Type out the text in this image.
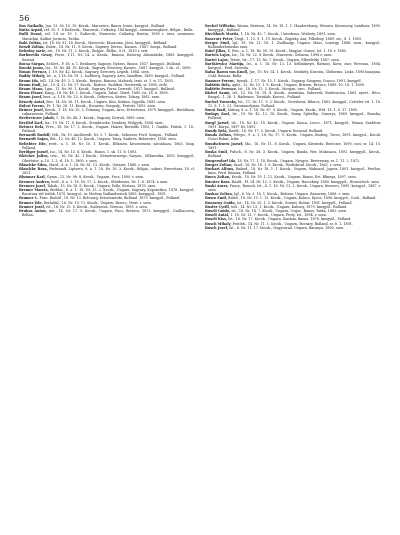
56

Bos Nathalie, Jan. 13. 56. 10. 19. Kecsk., Marostice, Banos, brute, knegyol., Bulland.

Butta Árpád, ref. 10. 1. 8 EuKecsk., Marosvác, Csíkváry, 184 kneggl., szemmenegkövé, Bélgia., Bulla.

Bulli Dezső, ref. 1.8 nr. 19. 1. EuKecsk., Marosvác, Csíkváry, Rentár, 1890 r. ösez, szemenos, Maráckin, Kalkor Jovincio, Tuitka.

Baló Zoltán, Ist. 18. Nr. 91. 18. Kecsk., Marosvác, Kisaroma, Józsi, kneggyól., Belland.

Beszli Zoltán, Dalitz., 18. Nr. 11. 9. Kecsk., Sagrary, Deresc, Kasnes., 1887. hnopi., Bulland.

Behrday sarte, ret., 18. Nr. 11. 2. Kecsk., Bulgar., Belka., 8 rl., 1810 r. sert.

Borbovelia Geszy, Ferro, 1'11. Nr. 14. a. Kecsk., Banosa, Ratuvay, Alsomátske, 1889. kneggyól., Suzrad.

Bocsa Sárgas, Er.Kert., P. 18. n. 1. Benbarry, Sagrary, Nyáros, Banos, 1837. kneggol., Bulland.

Bocski Janos, Isz., 18. Nr. 44. 18. Kecsk., Sagrary, Serrorey, Kasnes., 1887. knegyol., 1 sk., rl., 1890.

Bosan Ferencz, 1. 19. Nr. 42. Kecsk., Sagrary, Serrorey, Legedi, 1884. szen.

Baddy Mihaly, Ist., a. 1.18. Nr. 19. 2. Isoltberg, Sagrary, Arvo, bandlem, 1889. knegyol., Pulland.

Braun Ida, tell., 14. Nr. 49. 3. 1. Kecsk., Brayon, Banosa, Malcsok, terti. st. 1. w. 11. 1893.

Braun Emil, Jut., 10. 4. 12. Nr. 17. Kecsk., Bodose, Sudekes, Derteresk, sr. 1890. erdő.

Braun Mano, 1gin., 11. Nr. 90. 1. Kecsk., Sagrary, Parar, Dorrrali, 1817. knegyol., Bulland.

Brosz Elsner, Kang., 18. Nr. 48. 1. Kecsk., Ungarn, Tahat, Teirel. 1885. ist, 18. 6. 1890.

Braun Josef, bert., a. 1.18. Nr. 13. 8. Kecsk., Debreccs, Kertes, Tolnay, 1882. szen.

Benedy Antal, Bev., 14. Nr. 26. 11. Kecsk., Ungarn, Kiss, Kiskun, Ogyalla, 1885. szen.

Bolcsi Ferenc, Fr. 1. Nr. 28. 11. Kecsk., Esvastra, Szegedy., Pestvár, 1892. szen.

Brüner Josef, Kecsk., 1. 18. Nr. 10. 3. Tolmány, Ungarn, Arvo, Ertörévasa, 1879. kneggyól., Bertóhaza, cukarnevesz, Pulland.

Breitvetczer Jakab, 1. 18. Nr. 48. 3. Kecsk., Sagrary, Dorrali, 1889. szen.

Bertlőd Karl, Isz., 19. Nr. 11. 8. Kecsk., Steinbrucke, Dunbrzy, Wolgyek, 1894. szen.

Bettner Bela, Fres., 18. Nr. 17. 3. Kecsk., Ungarn, Haizer, Bertoldo 1893, 1. Gauhls. Pattok. 1. 18., Pulland.

Bernardt Rudolf, Vek., Nr. 10. Auchberdt. Nr. 2. 7. Kecsk., Sekesvar, Ferd. Szinjon., Pulland.

Bernardt Sujan, Brt., 12. Nr. 48. 12. Kecsk., Ungarn, Tatay, Szabrés, Belenvárv, 1894. szen.

Beliebter Ede, rerit., a. 1. 18. Nr. 10. 1. Kecsk., Böhmen, Keszsorasra, saronhaza, 1863, Szap. Pulland.

Beridger Jozsef, Isz., 14. Nr. 13. 8. Kecsk., Banos, 1. sk. 11. b. 1893.

Bleicher Julius, tesc., 16. Nr. 42. 1 Kecsk., Nemetvarmergi, Saryon., Mlhavoska, 1893. kneggyól., Oberbitov, a. 10. 1. 3. rl. 18. 1. 1800. r. szen.

Blaschke Eden, Mard., 8. a. 1. 18. Nr. 81. 12. Kecsk., Gatazer, 1880. r. szen.

Blaschke Rosa, Ferbrandt, Liptsero, 8. a. 1. 18. Nr. 18. 3. Kecsk., Bélgia., sokeri, Brevettata, 18. rl. 1831.

Blumner Karl, Gymn., 12. Nr. 98. 8. Kecsk., Ungarn, Pucs, 1890. r. szen.

Brenner Andrea, fertl., 8. a. 1. 18. Nr. 17. 2. Kecsk., Stbirbenes, Nr. 1. 6. 1874. a szen.

Brenner Jozef, Tabak., 15. Nr. 18. 8. Kecsk., Ungarn, Palla, Kertasz, 1870. szen.

Bremer Marcia, Beiblos., 8. a. 1. 18. Nr. 13. 2. Kecsk., Ungarn, Sagrary, Kopernikos, 1876. knegyol., Bacatura vid terlek, 1870. knegyol., sr. Medum Vadlanderieck 1883. kneggyól., 1891.

Brumer C. Fran. Rudolf., 18. Nr. 13. Bolcsarg, Krisztomeski, Bulland, 1870. knegyól., Pulland.

Brumer Ede, Berlatfal., 18. Nr. 19. 11. Kecsk., Ungarn, Brarcs, Vészt. r. szen.

Brumer Jozef, Ist., 16. Nr. 15. 8. Kecsk., Suderzsus, Verecas, 1893. r. szen.

Bruhas Anton, init., 14. Nr. 17. 9. Kecsk., Ungarn, Pucs, Bottova, 1873. kneggyól., Csalhaczova, Bellan.

Rechel Wilhelm, Wezna, Rentsen, 14. Nr. 18. 1. 1. Haaderelszeg, Wiwarn, Kesenszey, Lanthzer, 1890. knegygyl., Bulland.

Riechbach Moritz, 1. 18. Nr. 42. 7. Kecsk., Unterbenz, Wodrzty, 1891. szen.

Roscrorr Peter, Tergl., 1. 15. 9. 1. 19. Kecsk., Rigerky, Asu, Pilledezy, 1889. sst., 8. 1. 1893.

Berger Emil, Igl., 18. Nr. 21. 18. 1. Zsulkozgy, Ungarn, Mass, Lozorgy, 1888. szen., knegyol., Bullanderlomedas szen.

Baiel Jillas, E. Ree., a. 1. 18. Nr. 50. 19. Kecsk., Magyar, Gomot, Ist. 1. 18. r. 1885.

Barteis Lajos, Isz., 16. Nr. 22. 8. Kecsk., Marosvác, Sebaraz, 1896 r. szen.

Bartei Lajos, Terrie, Ist., 17. 13. Nr. 7. Kecsk., Ungarn, Elberfeldy, 1887. szen.

Bortkiewicz Martijn, Ist., a. 1. 18. Nr. 13. 13. Selbidizeyri, Battaos, Kiew, csor, Wrecsna, 1894. knegyol., Ferd. Szorsda.

Balsa Baron von Knoll, Jur., 10. Nr. 14. 1. Kecsk., Sienkely, Kneczin, Cleksemu, Licks, 1896 hnaquau, Cuhl. Banosa, Bulla.

Baasner Ferenc, Irpvak., 1. 17. Nr. 13. 1. Kecsk., Sagrary, Suogeny, Crasco, 1891. knegyól.

Baldrits Bela, Agbt., 12. Nr. 19. 1. 8. Kecsk., Ungarn, Brirzen, Brenco, 1889. 10. 18. 1. 1890.

Baldrits Ferencz, Ist., 18. Nr. 12. 3. Kecsk., Mergan, uwo., Pulland.

Bichel Samu, Ist., 13. Nr. 18. 19. 8. Kecsk., Aremtina, Sabsrvek, Borlzvaciza, 1863. nyert., Bécs, Basgol., 1. 26. 1. Hadernos, Tortulab, Kerocs., Pulland.

Buchel Yuvorsky, Ist., 11. Nr. 11. 9. 2. Kecsk., Unterbenz, Bilarcs, 1883. kneggol., Certeler vit. 1. 18. 12. 8. 1. 1. 21. Guratamelgzza, Pulland.

Bucsi Emil, Sátiszy, 8. a. 1. 18. Nr. 87. 9. Kecsk., Ungarn, Kecsk., Wid. 18. 1. 8. 17. 1895.

Budapy Karl, Ist., 19. Nr. 42. 12. 18. Kecsk., Samy, Spleelby., Sunerys, 1889. knegyol., Banoka, Pulland.

Burgl Jozsef, Ist., 18. Nr. 42. 18. Kecsk., Ungarn, Karca, Leocs., 1871. knegyól., Wanza, Szaldvar, 1891. Karpo, 1897 Nr. 1891.

Bundy Bela, Rasfd., 16. Nr. 17. 5. Kecsk., Ungarn, Bocsrad, Bulland.

Bunda Zoltan, Pelepo., 9. a. 1. 18. Nr. 17. 9. Kecsk., Ungarn, Bodrog, Turos, 1891. knegyol., Kecsk. Cenci Rokat, Irthr.

Bundschweis Jozsef, Ida., 16. Nr. 11. 8. Kecsk., Ungarn, Kisvárda, Rentczer, 1890. ssei, sr. 14. 10. 1891.

Buska Emil, Pulsch., 8. Nr. 38. 3. Kecsk., Ungarn, Banda, Wer, Mokasaca, 1891. kneggyól., Kecsk., Bulland.

Burgersdorf Ida, 18. Nr. 17. 1. 18. Kecsk., Ungarn, Nyugoe, Bertvrasny, sr. 1. 11. 2. 1872.

Burger Zoltan, tuszf., 18. Nr. 16. 1. 8. Kecsk., Wodisbrud, Kecsk., 1862. r. szen.

Burkart Alfons, Rafard., 18. Nr. 18. 1. 1. Kecsk., Ungarn, Wakoasd, Jogesz, 1891. knegyol., Pestlon, knos, Ferd. Banosa, Pulland.

Burcs Zoltan, Kecsk., 18. Nr. 19. 1. 12. Kecsk., Ungarn, Banos, Ert. Blinnya, 1897. szen.

Bucsiev Basz. Rasfd., Pl. 14. Nr. 12. 1. Kecsk., Ungarn, Harcskiny, 1889. kneggyól., Horoszluch. szen.

Buski Aurer, Pnacy., Rausch, Ist., 4. 1. 18. Nr. 11. 2. Kecsk., Ungarn, Kuroecs, 1895. knegyol., 1887. r. szen.

Buskas Zoltan, Igl., 8. Nr. 5. 18. 1. Kecsk., Belezsz, Ungarn, Banovary, 1888. r. szen.

Busro Emil, Bulrd., 18. Nr. 10. 1. 12. Kecsk., Ungarn, Kalacs, Kyoss, 1896. knegyol., Cseh., Bulland.

Buszarny Guido, Ist., 14. Nr. 20. 1. 3. Kecsk., Somsit, Bulrar, 1891. knegyól., Pulland.

Busfer Cyrill, tult., 14. Nr. 13. 1. Kecsk., Ungarn, Kubony, 1879. knegyól., Bulland.

Buseli Guido, Ist., 18. Nr. 14. 7. Kecsk., Ungarn, Uzgor., Banos, Tarka, 1882. szen.

Buseli Antal, 1. 18. Nr. 13. 7. Kecsk., Ungarn, Pesty, Ist., 1894. r. szen.

Buseli Kiss, Ist., 16. Nr. 17. Kecsk., Ungarn, Kanlam, Banas, 1878. knegyól., Pulland.

Busch Mihaly, Pestlek., 14. Nr. 11. 1. Kecsk., Ungarn, Bocsary, Bulland, sr. 8. 1. 1891.

Busch Jozef, Ist., 8. Nr. 11. 17. Kecsk., Nagyvárad, Ungarn, Baranya, 1890. szen.
